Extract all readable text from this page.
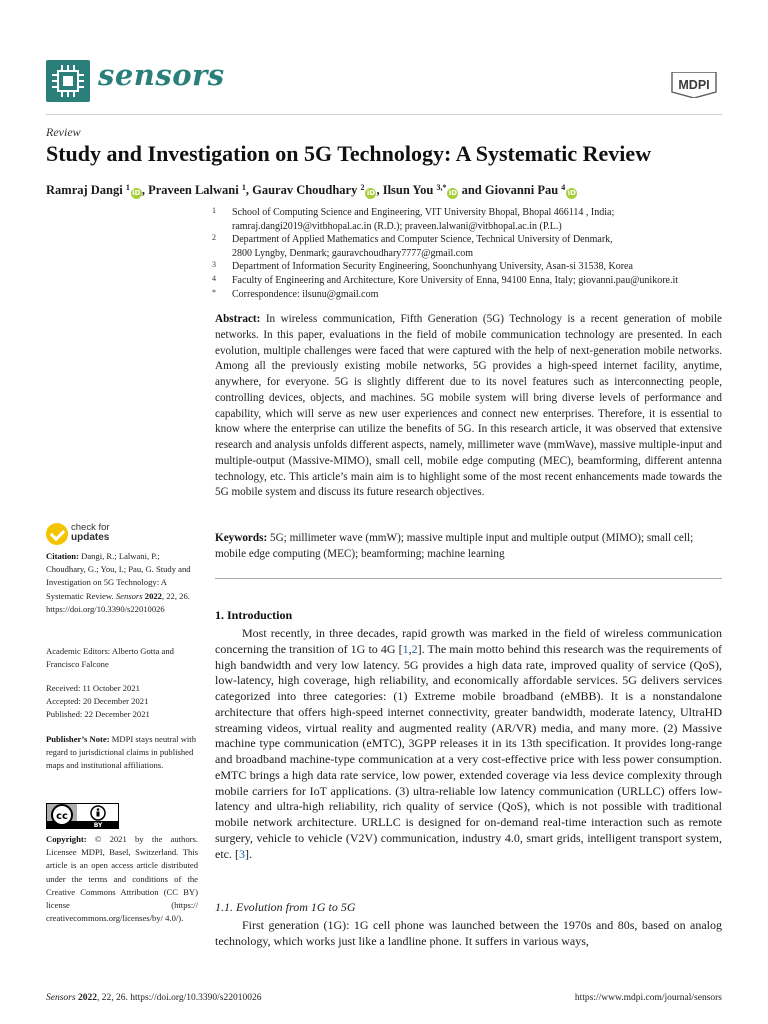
sensors	MDPI
Review
Study and Investigation on 5G Technology: A Systematic Review
Ramraj Dangi $^1$iD, Praveen Lalwani $^1$, Gaurav Choudhary $^2$iD, Ilsun You $^{3,*}$iD and Giovanni Pau $^4$iD
1 School of Computing Science and Engineering, VIT University Bhopal, Bhopal 466114 , India;
ramraj.dangi2019@vitbhopal.ac.in (R.D.); praveen.lalwani@vitbhopal.ac.in (P.L.)
2 Department of Applied Mathematics and Computer Science, Technical University of Denmark,
2800 Lyngby, Denmark; gauravchoudhary7777@gmail.com
3 Department of Information Security Engineering, Soonchunhyang University, Asan-si 31538, Korea
4 Faculty of Engineering and Architecture, Kore University of Enna, 94100 Enna, Italy; giovanni.pau@unikore.it
* Correspondence: ilsunu@gmail.com
Abstract: In wireless communication, Fifth Generation (5G) Technology is a recent generation of mobile networks. In this paper, evaluations in the field of mobile communication technology are presented. In each evolution, multiple challenges were faced that were captured with the help of next-generation mobile networks. Among all the previously existing mobile networks, 5G provides a high-speed internet facility, anytime, anywhere, for everyone. 5G is slightly different due to its novel features such as interconnecting people, controlling devices, objects, and machines. 5G mobile system will bring diverse levels of performance and capability, which will serve as new user experiences and connect new enterprises. Therefore, it is essential to know where the enterprise can utilize the benefits of 5G. In this research article, it was observed that extensive research and analysis unfolds different aspects, namely, millimeter wave (mmWave), massive multiple-input and multiple-output (Massive-MIMO), small cell, mobile edge computing (MEC), beamforming, different antenna technology, etc. This article’s main aim is to highlight some of the most recent enhancements made towards the 5G mobile system and discuss its future research objectives.
Keywords: 5G; millimeter wave (mmW); massive multiple input and multiple output (MIMO); small cell; mobile edge computing (MEC); beamforming; machine learning
check for
updates
Citation: Dangi, R.; Lalwani, P.; Choudhary, G.; You, I.; Pau, G. Study and Investigation on 5G Technology: A Systematic Review. Sensors 2022, 22, 26. https://doi.org/10.3390/s22010026
Academic Editors: Alberto Gotta and Francisco Falcone
Received: 11 October 2021
Accepted: 20 December 2021
Published: 22 December 2021
Publisher’s Note: MDPI stays neutral with regard to jurisdictional claims in published maps and institutional affiliations.
cc
BY
Copyright: © 2021 by the authors. Licensee MDPI, Basel, Switzerland. This article is an open access article distributed under the terms and conditions of the Creative Commons Attribution (CC BY) license (https:// creativecommons.org/licenses/by/ 4.0/).
1. Introduction
Most recently, in three decades, rapid growth was marked in the field of wireless communication concerning the transition of 1G to 4G [1,2]. The main motto behind this research was the requirements of high bandwidth and very low latency. 5G provides a high data rate, improved quality of service (QoS), low-latency, high coverage, high reliability, and economically affordable services. 5G delivers services categorized into three categories: (1) Extreme mobile broadband (eMBB). It is a nonstandalone architecture that offers high-speed internet connectivity, greater bandwidth, moderate latency, UltraHD streaming videos, virtual reality and augmented reality (AR/VR) media, and many more. (2) Massive machine type communication (eMTC), 3GPP releases it in its 13th specification. It provides long-range and broadband machine-type communication at a very cost-effective price with less power consumption. eMTC brings a high data rate service, low power, extended coverage via less device complexity through mobile carriers for IoT applications. (3) ultra-reliable low latency communication (URLLC) offers low-latency and ultra-high reliability, rich quality of service (QoS), which is not possible with traditional mobile network architecture. URLLC is designed for on-demand real-time interaction such as remote surgery, vehicle to vehicle (V2V) communication, industry 4.0, smart grids, intelligent transport system, etc. [3].
1.1. Evolution from 1G to 5G
First generation (1G): 1G cell phone was launched between the 1970s and 80s, based on analog technology, which works just like a landline phone. It suffers in various ways,
Sensors 2022, 22, 26. https://doi.org/10.3390/s22010026	https://www.mdpi.com/journal/sensors
